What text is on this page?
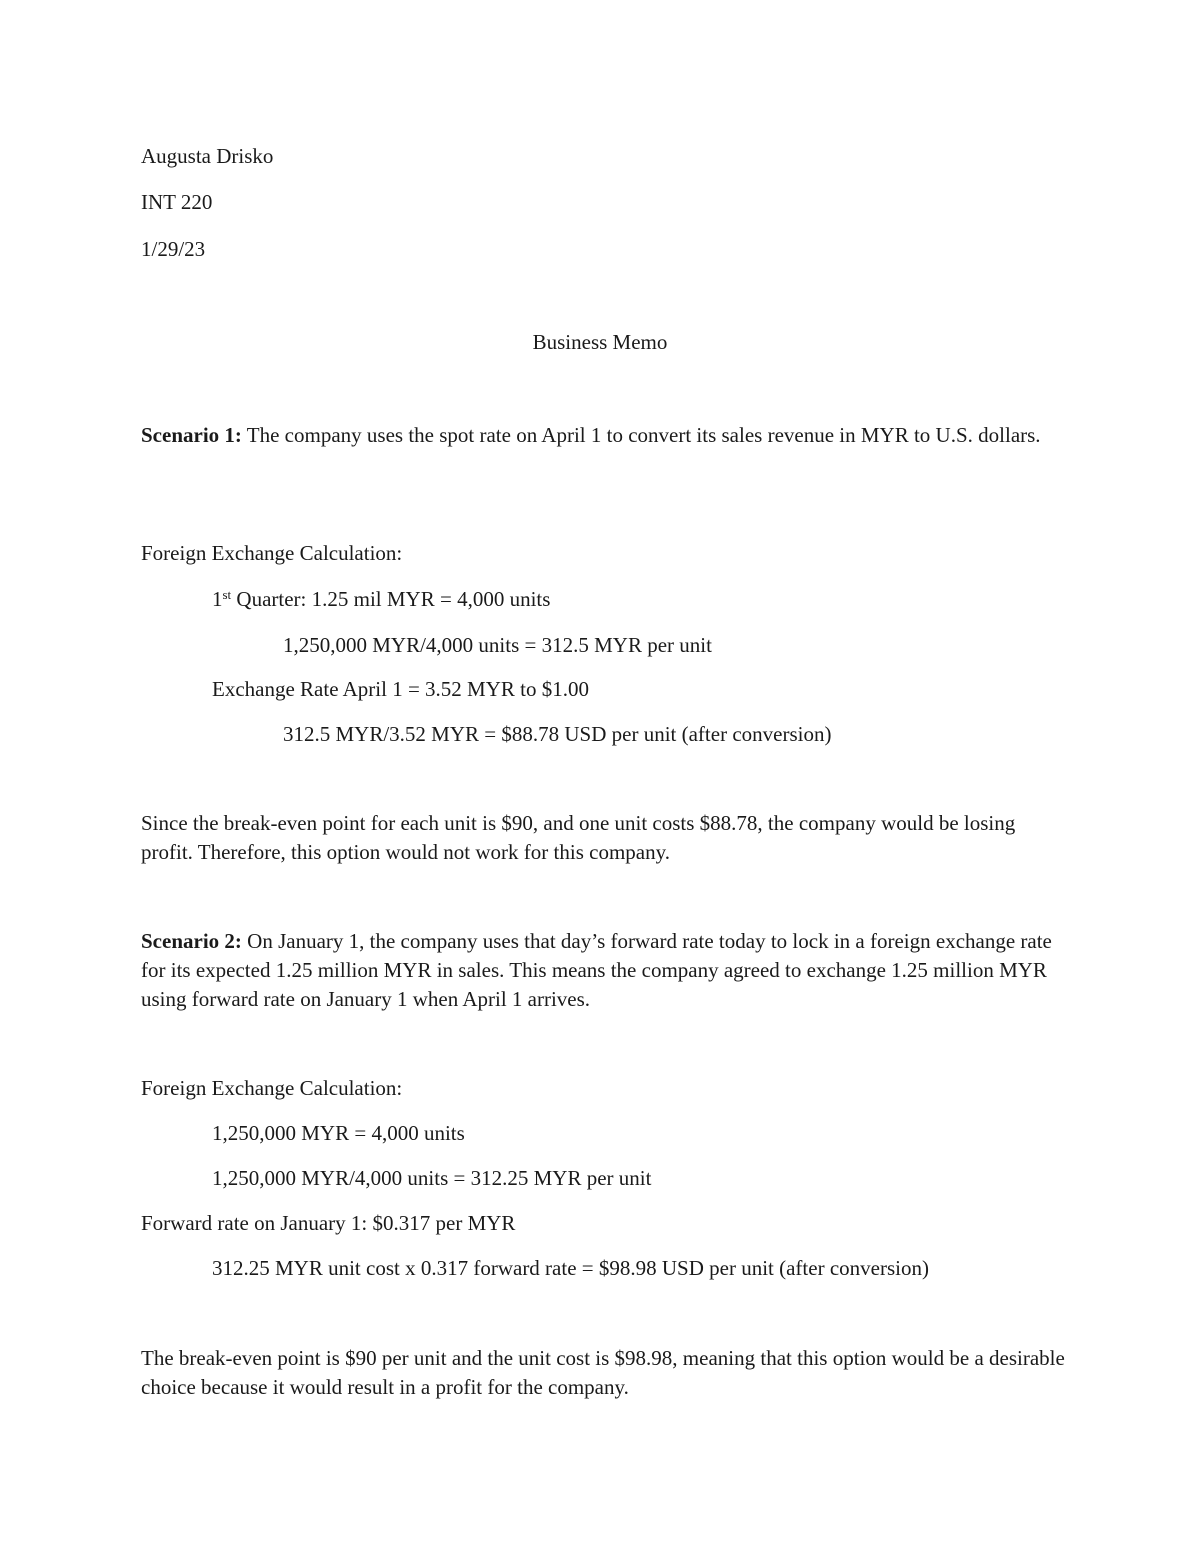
Augusta Drisko
INT 220
1/29/23
Business Memo
Scenario 1: The company uses the spot rate on April 1 to convert its sales revenue in MYR to U.S. dollars.
Foreign Exchange Calculation:
1st Quarter: 1.25 mil MYR = 4,000 units
1,250,000 MYR/4,000 units = 312.5 MYR per unit
Exchange Rate April 1 = 3.52 MYR to $1.00
312.5 MYR/3.52 MYR = $88.78 USD per unit (after conversion)
Since the break-even point for each unit is $90, and one unit costs $88.78, the company would be losing profit. Therefore, this option would not work for this company.
Scenario 2: On January 1, the company uses that day’s forward rate today to lock in a foreign exchange rate for its expected 1.25 million MYR in sales. This means the company agreed to exchange 1.25 million MYR using forward rate on January 1 when April 1 arrives.
Foreign Exchange Calculation:
1,250,000 MYR = 4,000 units
1,250,000 MYR/4,000 units = 312.25 MYR per unit
Forward rate on January 1: $0.317 per MYR
312.25 MYR unit cost x 0.317 forward rate = $98.98 USD per unit (after conversion)
The break-even point is $90 per unit and the unit cost is $98.98, meaning that this option would be a desirable choice because it would result in a profit for the company.
